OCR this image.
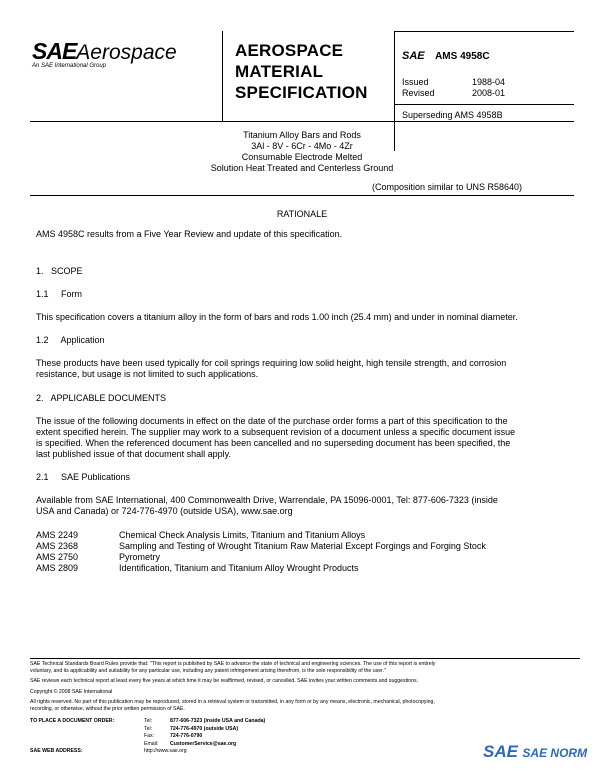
SAEAerospace
An SAE International Group
AEROSPACE
MATERIAL
SPECIFICATION
SAE AMS 4958C
Issued	1988-04
Revised	2008-01
Superseding AMS 4958B
Titanium Alloy Bars and Rods
3Al - 8V - 6Cr - 4Mo - 4Zr
Consumable Electrode Melted
Solution Heat Treated and Centerless Ground
(Composition similar to UNS R58640)
RATIONALE
AMS 4958C results from a Five Year Review and update of this specification.
1.   SCOPE
1.1     Form
This specification covers a titanium alloy in the form of bars and rods 1.00 inch (25.4 mm) and under in nominal diameter.
1.2     Application
These products have been used typically for coil springs requiring low solid height, high tensile strength, and corrosion
resistance, but usage is not limited to such applications.
2.   APPLICABLE DOCUMENTS
The issue of the following documents in effect on the date of the purchase order forms a part of this specification to the
extent specified herein. The supplier may work to a subsequent revision of a document unless a specific document issue
is specified. When the referenced document has been cancelled and no superseding document has been specified, the
last published issue of that document shall apply.
2.1     SAE Publications
Available from SAE International, 400 Commonwealth Drive, Warrendale, PA 15096-0001, Tel: 877-606-7323 (inside
USA and Canada) or 724-776-4970 (outside USA), www.sae.org
AMS 2249	Chemical Check Analysis Limits, Titanium and Titanium Alloys
AMS 2368	Sampling and Testing of Wrought Titanium Raw Material Except Forgings and Forging Stock
AMS 2750	Pyrometry
AMS 2809	Identification, Titanium and Titanium Alloy Wrought Products
SAE Technical Standards Board Rules provide that: "This report is published by SAE to advance the state of technical and engineering sciences. The use of this report is entirely
voluntary, and its applicability and suitability for any particular use, including any patent infringement arising therefrom, is the sole responsibility of the user."
SAE reviews each technical report at least every five years at which time it may be reaffirmed, revised, or cancelled. SAE invites your written comments and suggestions.
Copyright © 2008 SAE International
All rights reserved. No part of this publication may be reproduced, stored in a retrieval system or transmitted, in any form or by any means, electronic, mechanical, photocopying,
recording, or otherwise, without the prior written permission of SAE.
TO PLACE A DOCUMENT ORDER:	Tel:	877-606-7323 (inside USA and Canada)
Tel:	724-776-4970 (outside USA)
Fax:	724-776-0790
Email: CustomerService@sae.org
SAE WEB ADDRESS:	http://www.sae.org	SAE SAE NORM
